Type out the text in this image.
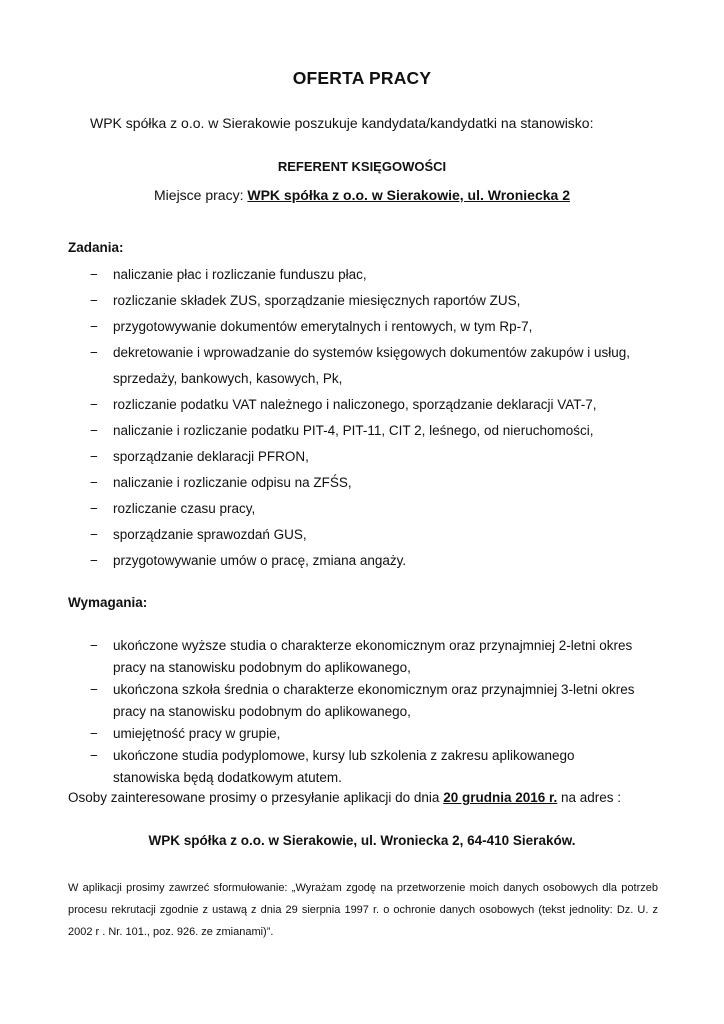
OFERTA PRACY
WPK spółka z o.o. w Sierakowie poszukuje kandydata/kandydatki na stanowisko:
REFERENT KSIĘGOWOŚCI
Miejsce pracy: WPK spółka z o.o. w Sierakowie, ul. Wroniecka 2
Zadania:
− naliczanie płac i rozliczanie funduszu płac,
− rozliczanie składek ZUS, sporządzanie miesięcznych raportów ZUS,
− przygotowywanie dokumentów emerytalnych i rentowych, w tym Rp-7,
− dekretowanie i wprowadzanie do systemów księgowych dokumentów zakupów i usług,
sprzedaży, bankowych, kasowych, Pk,
− rozliczanie podatku VAT należnego i naliczonego, sporządzanie deklaracji VAT-7,
− naliczanie i rozliczanie podatku PIT-4, PIT-11, CIT 2, leśnego, od nieruchomości,
− sporządzanie deklaracji PFRON,
− naliczanie i rozliczanie odpisu na ZFŚS,
− rozliczanie czasu pracy,
− sporządzanie sprawozdań GUS,
− przygotowywanie umów o pracę, zmiana angaży.
Wymagania:
− ukończone wyższe studia o charakterze ekonomicznym oraz przynajmniej 2-letni okres pracy na stanowisku podobnym do aplikowanego,
− ukończona szkoła średnia o charakterze ekonomicznym oraz przynajmniej 3-letni okres pracy na stanowisku podobnym do aplikowanego,
− umiejętność pracy w grupie,
− ukończone studia podyplomowe, kursy lub szkolenia z zakresu aplikowanego stanowiska będą dodatkowym atutem.
Osoby zainteresowane prosimy o przesyłanie aplikacji do dnia 20 grudnia 2016 r. na adres :
WPK spółka z o.o. w Sierakowie, ul. Wroniecka 2, 64-410 Sieraków.
W aplikacji prosimy zawrzeć sformułowanie: „Wyrażam zgodę na przetworzenie moich danych osobowych dla potrzeb procesu rekrutacji zgodnie z ustawą z dnia 29 sierpnia 1997 r. o ochronie danych osobowych (tekst jednolity: Dz. U. z 2002 r . Nr. 101., poz. 926. ze zmianami)”.
